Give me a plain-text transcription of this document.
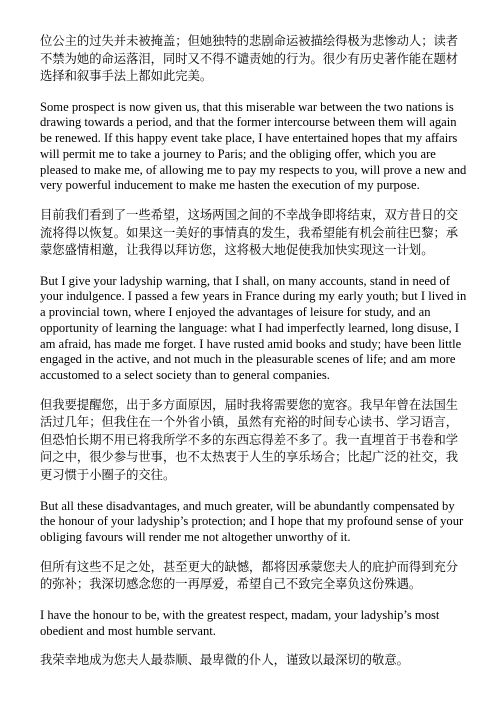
位公主的过失并未被掩盖；但她独特的悲剧命运被描绘得极为悲惨动人；读者不禁为她的命运落泪，同时又不得不谴责她的行为。很少有历史著作能在题材选择和叙事手法上都如此完美。

Some prospect is now given us, that this miserable war between the two nations is drawing towards a period, and that the former intercourse between them will again be renewed. If this happy event take place, I have entertained hopes that my affairs will permit me to take a journey to Paris; and the obliging offer, which you are pleased to make me, of allowing me to pay my respects to you, will prove a new and very powerful inducement to make me hasten the execution of my purpose.

目前我们看到了一些希望，这场两国之间的不幸战争即将结束，双方昔日的交流将得以恢复。如果这一美好的事情真的发生，我希望能有机会前往巴黎；承蒙您盛情相邀，让我得以拜访您，这将极大地促使我加快实现这一计划。

But I give your ladyship warning, that I shall, on many accounts, stand in need of your indulgence. I passed a few years in France during my early youth; but I lived in a provincial town, where I enjoyed the advantages of leisure for study, and an opportunity of learning the language: what I had imperfectly learned, long disuse, I am afraid, has made me forget. I have rusted amid books and study; have been little engaged in the active, and not much in the pleasurable scenes of life; and am more accustomed to a select society than to general companies.

但我要提醒您，出于多方面原因，届时我将需要您的宽容。我早年曾在法国生活过几年；但我住在一个外省小镇，虽然有充裕的时间专心读书、学习语言，但恐怕长期不用已将我所学不多的东西忘得差不多了。我一直埋首于书卷和学问之中，很少参与世事，也不太热衷于人生的享乐场合；比起广泛的社交，我更习惯于小圈子的交往。

But all these disadvantages, and much greater, will be abundantly compensated by the honour of your ladyship’s protection; and I hope that my profound sense of your obliging favours will render me not altogether unworthy of it.

但所有这些不足之处，甚至更大的缺憾，都将因承蒙您夫人的庇护而得到充分的弥补；我深切感念您的一再厚爱，希望自己不致完全辜负这份殊遇。

I have the honour to be, with the greatest respect, madam, your ladyship’s most obedient and most humble servant.

我荣幸地成为您夫人最恭顺、最卑微的仆人，谨致以最深切的敬意。
